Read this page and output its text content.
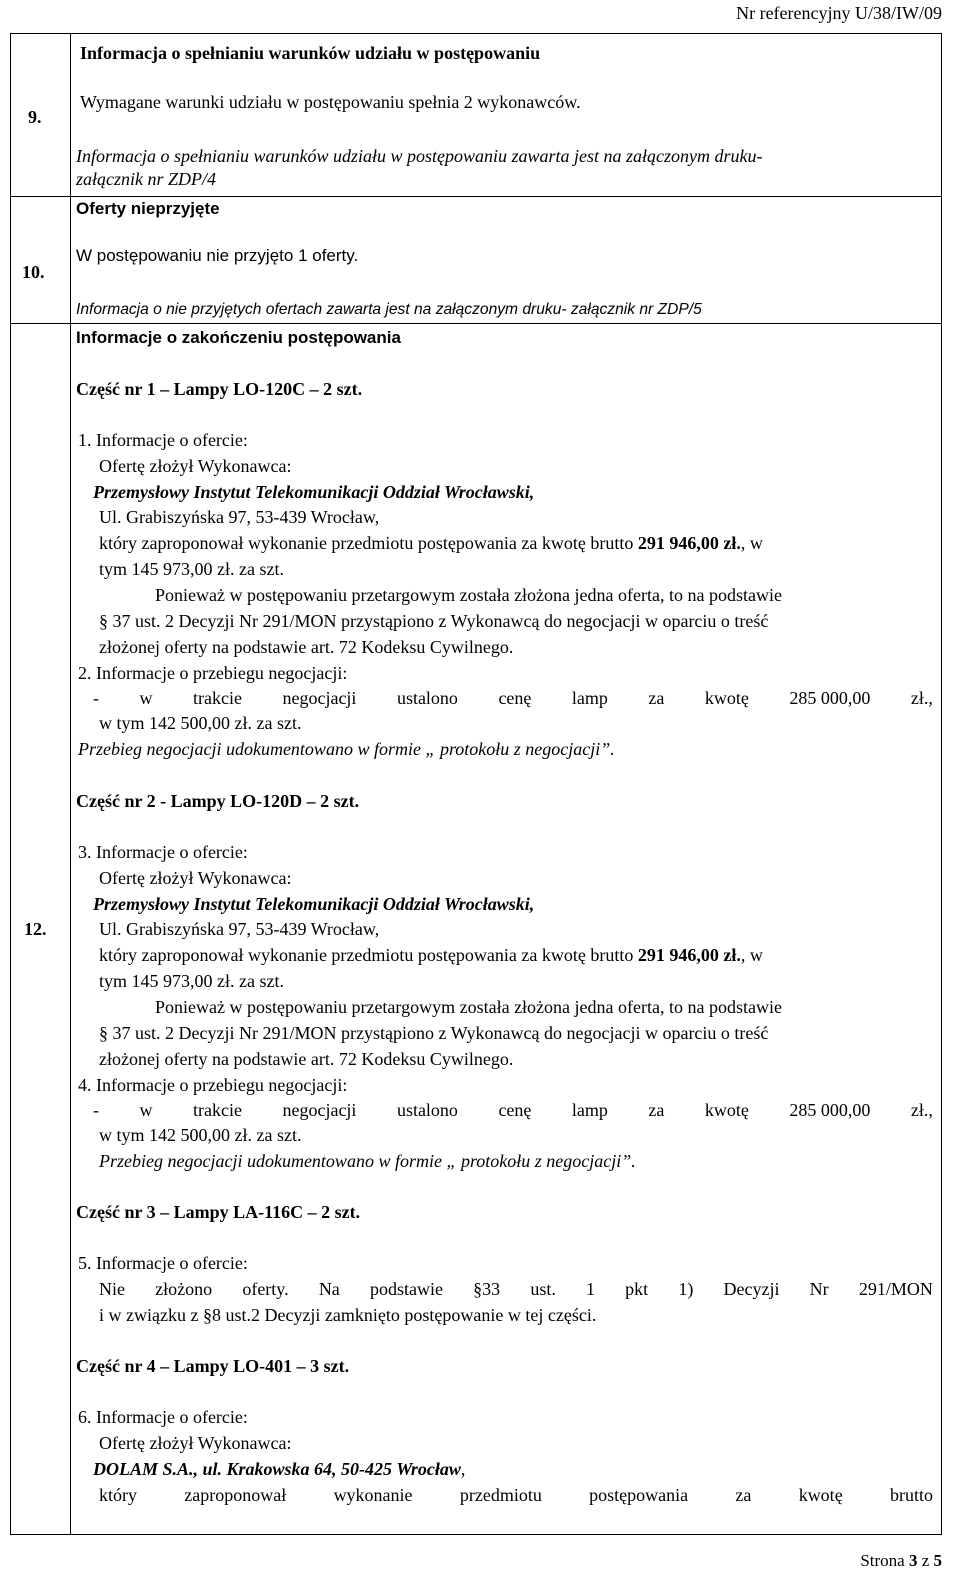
Nr referencyjny U/38/IW/09
9.
Informacja o spełnianiu warunków udziału w postępowaniu
Wymagane warunki udziału w postępowaniu spełnia 2 wykonawców.
Informacja o spełnianiu warunków udziału w postępowaniu zawarta jest na załączonym druku-
załącznik nr ZDP/4
10.
Oferty nieprzyjęte
W postępowaniu nie przyjęto 1 oferty.
Informacja o nie przyjętych ofertach zawarta jest na załączonym druku- załącznik nr ZDP/5
12.
Informacje o zakończeniu postępowania
Część nr 1 – Lampy LO-120C – 2 szt.
1. Informacje o ofercie:
Ofertę złożył Wykonawca:
Przemysłowy Instytut Telekomunikacji Oddział Wrocławski,
Ul. Grabiszyńska 97, 53-439 Wrocław,
który zaproponował wykonanie przedmiotu postępowania za kwotę brutto 291 946,00 zł., w
tym 145 973,00 zł. za szt.
Ponieważ w postępowaniu przetargowym została złożona jedna oferta, to na podstawie
§ 37 ust. 2 Decyzji Nr 291/MON przystąpiono z Wykonawcą do negocjacji w oparciu o treść
złożonej oferty na podstawie art. 72 Kodeksu Cywilnego.
2. Informacje o przebiegu negocjacji:
- w trakcie negocjacji ustalono cenę lamp za kwotę 285 000,00 zł.,
w tym 142 500,00 zł. za szt.
Przebieg negocjacji udokumentowano w formie „ protokołu z negocjacji”.
Część nr 2 - Lampy LO-120D – 2 szt.
3. Informacje o ofercie:
Ofertę złożył Wykonawca:
Przemysłowy Instytut Telekomunikacji Oddział Wrocławski,
Ul. Grabiszyńska 97, 53-439 Wrocław,
który zaproponował wykonanie przedmiotu postępowania za kwotę brutto 291 946,00 zł., w
tym 145 973,00 zł. za szt.
Ponieważ w postępowaniu przetargowym została złożona jedna oferta, to na podstawie
§ 37 ust. 2 Decyzji Nr 291/MON przystąpiono z Wykonawcą do negocjacji w oparciu o treść
złożonej oferty na podstawie art. 72 Kodeksu Cywilnego.
4. Informacje o przebiegu negocjacji:
- w trakcie negocjacji ustalono cenę lamp za kwotę 285 000,00 zł.,
w tym 142 500,00 zł. za szt.
Przebieg negocjacji udokumentowano w formie „ protokołu z negocjacji”.
Część nr 3 – Lampy LA-116C – 2 szt.
5. Informacje o ofercie:
Nie złożono oferty. Na podstawie §33 ust. 1 pkt 1) Decyzji Nr 291/MON
i w związku z §8 ust.2 Decyzji zamknięto postępowanie w tej części.
Część nr 4 – Lampy LO-401 – 3 szt.
6. Informacje o ofercie:
Ofertę złożył Wykonawca:
DOLAM S.A., ul. Krakowska 64, 50-425 Wrocław,
który	zaproponował	wykonanie	przedmiotu	postępowania	za	kwotę	brutto
Strona 3 z 5
